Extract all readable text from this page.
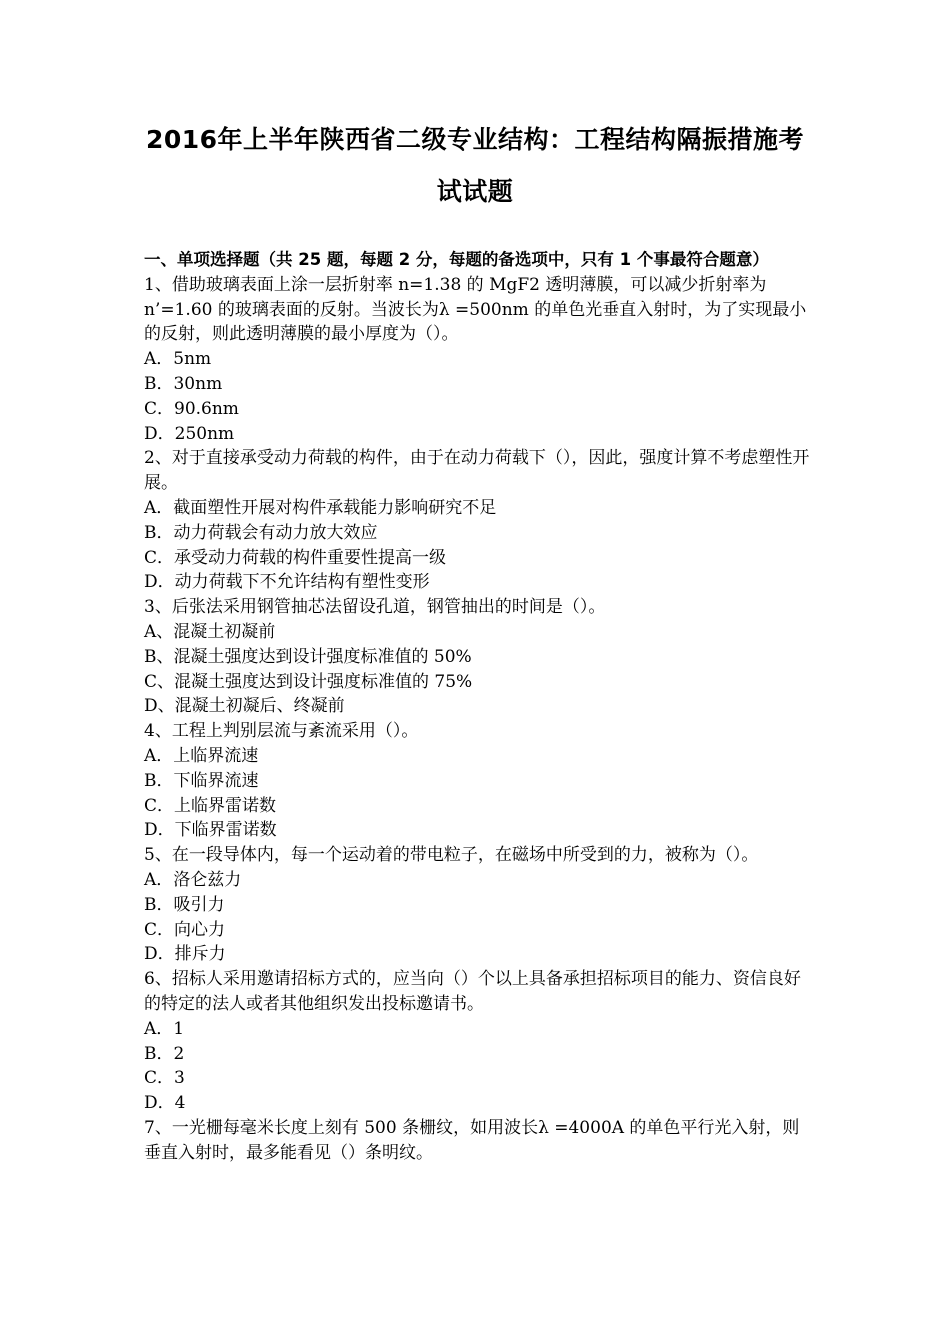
2016年上半年陕西省二级专业结构：工程结构隔振措施考
试试题
一、单项选择题（共 25 题，每题 2 分，每题的备选项中，只有 1 个事最符合题意）
1、借助玻璃表面上涂一层折射率 n=1.38 的 MgF2 透明薄膜，可以减少折射率为 n’=1.60 的玻璃表面的反射。当波长为λ =500nm 的单色光垂直入射时，为了实现最小的反射，则此透明薄膜的最小厚度为（）。
A．5nm
B．30nm
C．90.6nm
D．250nm
2、对于直接承受动力荷载的构件，由于在动力荷载下（），因此，强度计算不考虑塑性开展。
A．截面塑性开展对构件承载能力影响研究不足
B．动力荷载会有动力放大效应
C．承受动力荷载的构件重要性提高一级
D．动力荷载下不允许结构有塑性变形
3、后张法采用钢管抽芯法留设孔道，钢管抽出的时间是（）。
A、混凝土初凝前
B、混凝土强度达到设计强度标准值的 50%
C、混凝土强度达到设计强度标准值的 75%
D、混凝土初凝后、终凝前
4、工程上判别层流与紊流采用（）。
A．上临界流速
B．下临界流速
C．上临界雷诺数
D．下临界雷诺数
5、在一段导体内，每一个运动着的带电粒子，在磁场中所受到的力，被称为（）。
A．洛仑兹力
B．吸引力
C．向心力
D．排斥力
6、招标人采用邀请招标方式的，应当向（）个以上具备承担招标项目的能力、资信良好的特定的法人或者其他组织发出投标邀请书。
A．1
B．2
C．3
D．4
7、一光栅每毫米长度上刻有 500 条栅纹，如用波长λ =4000A 的单色平行光入射，则垂直入射时，最多能看见（）条明纹。
